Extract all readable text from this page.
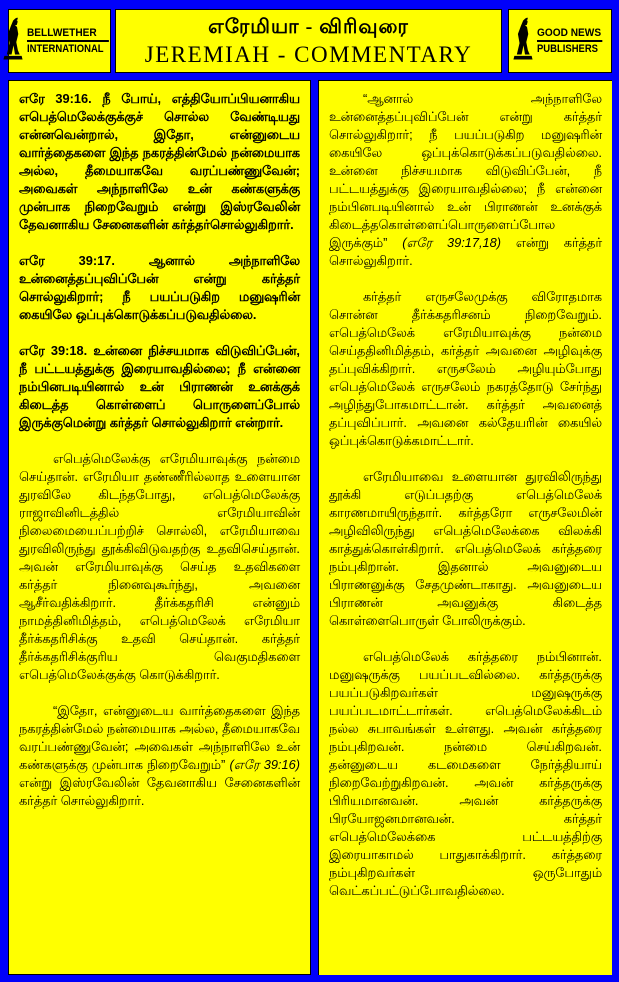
BELLWETHER
INTERNATIONAL
எரேமியா - விரிவுரை
JEREMIAH - COMMENTARY
GOOD NEWS
PUBLISHERS

எரே 39:16. நீ போய், எத்தியோப்பியனாகிய எபெத்மெலேக்குக்குச் சொல்ல வேண்டியது என்னவென்றால், இதோ, என்னுடைய வார்த்தைகளை இந்த நகரத்தின்மேல் நன்மையாக அல்ல, தீமையாகவே வரப்பண்ணுவேன்; அவைகள் அந்நாளிலே உன் கண்களுக்கு முன்பாக நிறைவேறும் என்று இஸ்ரவேலின் தேவனாகிய சேனைகளின் கர்த்தர்சொல்லுகிறார்.

எரே 39:17. ஆனால் அந்நாளிலே உன்னைத்தப்புவிப்பேன் என்று கர்த்தர் சொல்லுகிறார்; நீ பயப்படுகிற மனுஷரின் கையிலே ஒப்புக்கொடுக்கப்படுவதில்லை.

எரே 39:18. உன்னை நிச்சயமாக விடுவிப்பேன், நீ பட்டயத்துக்கு இரையாவதில்லை; நீ என்னை நம்பினபடியினால் உன் பிராணன் உனக்குக் கிடைத்த கொள்ளைப் பொருளைப்போல் இருக்குமென்று கர்த்தர் சொல்லுகிறார் என்றார்.

எபெத்மெலேக்கு எரேமியாவுக்கு நன்மை செய்தான். எரேமியா தண்ணீரில்லாத உளையான துரவிலே கிடந்தபோது, எபெத்மெலேக்கு ராஜாவினிடத்தில் எரேமியாவின் நிலைமையைப்பற்றிச் சொல்லி, எரேமியாவை துரவிலிருந்து தூக்கிவிடுவதற்கு உதவிசெய்தான். அவன் எரேமியாவுக்கு செய்த உதவிகளை கர்த்தர் நினைவுகூர்ந்து, அவனை ஆசீர்வதிக்கிறார். தீர்க்கதரிசி என்னும் நாமத்தினிமித்தம், எபெத்மெலேக் எரேமியா தீர்க்கதரிசிக்கு உதவி செய்தான். கர்த்தர் தீர்க்கதரிசிக்குரிய வெகுமதிகளை எபெத்மெலேக்குக்கு கொடுக்கிறார்.

“இதோ, என்னுடைய வார்த்தைகளை இந்த நகரத்தின்மேல் நன்மையாக அல்ல, தீமையாகவே வரப்பண்ணுவேன்; அவைகள் அந்நாளிலே உன் கண்களுக்கு முன்பாக நிறைவேறும்” (எரே 39:16) என்று இஸ்ரவேலின் தேவனாகிய சேனைகளின் கர்த்தர் சொல்லுகிறார்.

“ஆனால் அந்நாளிலே உன்னைத்தப்புவிப்பேன் என்று கர்த்தர் சொல்லுகிறார்; நீ பயப்படுகிற மனுஷரின் கையிலே ஒப்புக்கொடுக்கப்படுவதில்லை. உன்னை நிச்சயமாக விடுவிப்பேன், நீ பட்டயத்துக்கு இரையாவதில்லை; நீ என்னை நம்பினபடியினால் உன் பிராணன் உனக்குக் கிடைத்தகொள்ளைப்பொருளைப்போல இருக்கும்” (எரே 39:17,18) என்று கர்த்தர் சொல்லுகிறார்.

கர்த்தர் எருசலேமுக்கு விரோதமாக சொன்ன தீர்க்கதரிசனம் நிறைவேறும். எபெத்மெலேக் எரேமியாவுக்கு நன்மை செய்ததினிமித்தம், கர்த்தர் அவனை அழிவுக்கு தப்புவிக்கிறார். எருசலேம் அழியும்போது எபெத்மெலேக் எருசலேம் நகரத்தோடு சேர்ந்து அழிந்துபோகமாட்டான். கர்த்தர் அவனைத் தப்புவிப்பார். அவனை கல்தேயரின் கையில் ஒப்புக்கொடுக்கமாட்டார்.

எரேமியாவை உளையான துரவிலிருந்து தூக்கி எடுப்பதற்கு எபெத்மெலேக் காரணமாயிருந்தார். கர்த்தரோ எருசலேமின் அழிவிலிருந்து எபெத்மெலேக்கை விலக்கி காத்துக்கொள்கிறார். எபெத்மெலேக் கர்த்தரை நம்புகிறான். இதனால் அவனுடைய பிராணனுக்கு சேதமுண்டாகாது. அவனுடைய பிராணன் அவனுக்கு கிடைத்த கொள்ளைபொருள் போலிருக்கும்.

எபெத்மெலேக் கர்த்தரை நம்பினான். மனுஷருக்கு பயப்படவில்லை. கர்த்தருக்கு பயப்படுகிறவர்கள் மனுஷருக்கு பயப்படமாட்டார்கள். எபெத்மெலேக்கிடம் நல்ல சுபாவங்கள் உள்ளது. அவன் கர்த்தரை நம்புகிறவன். நன்மை செய்கிறவன். தன்னுடைய கடமைகளை நேர்த்தியாய் நிறைவேற்றுகிறவன். அவன் கர்த்தருக்கு பிரியமானவன். அவன் கர்த்தருக்கு பிரயோஜனமானவன். கர்த்தர் எபெத்மெலேக்கை பட்டயத்திற்கு இரையாகாமல் பாதுகாக்கிறார். கர்த்தரை நம்புகிறவர்கள் ஒருபோதும் வெட்கப்பட்டுப்போவதில்லை.
